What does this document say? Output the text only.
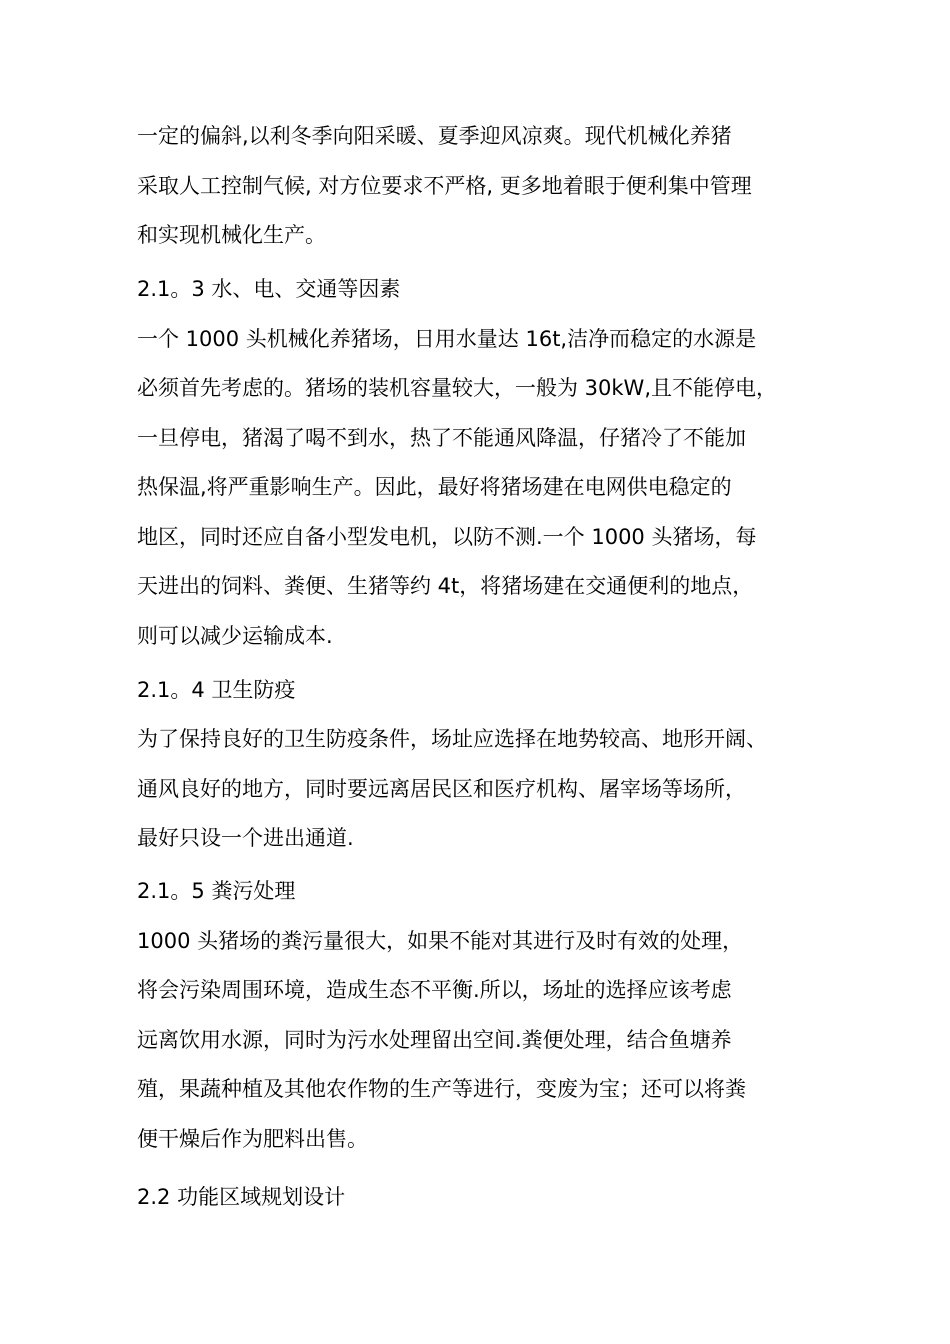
一定的偏斜,以利冬季向阳采暖、夏季迎风凉爽。现代机械化养猪
采取人工控制气候, 对方位要求不严格, 更多地着眼于便利集中管理
和实现机械化生产。
2.1。3 水、电、交通等因素
一个 1000 头机械化养猪场，日用水量达 16t,洁净而稳定的水源是
必须首先考虑的。猪场的装机容量较大，一般为 30kW,且不能停电，
一旦停电，猪渴了喝不到水，热了不能通风降温，仔猪冷了不能加
热保温,将严重影响生产。因此，最好将猪场建在电网供电稳定的
地区，同时还应自备小型发电机，以防不测.一个 1000 头猪场，每
天进出的饲料、粪便、生猪等约 4t，将猪场建在交通便利的地点，
则可以减少运输成本.
2.1。4 卫生防疫
为了保持良好的卫生防疫条件，场址应选择在地势较高、地形开阔、
通风良好的地方，同时要远离居民区和医疗机构、屠宰场等场所，
最好只设一个进出通道.
2.1。5 粪污处理
1000 头猪场的粪污量很大，如果不能对其进行及时有效的处理，
将会污染周围环境，造成生态不平衡.所以，场址的选择应该考虑
远离饮用水源，同时为污水处理留出空间.粪便处理，结合鱼塘养
殖，果蔬种植及其他农作物的生产等进行，变废为宝；还可以将粪
便干燥后作为肥料出售。
2.2 功能区域规划设计
